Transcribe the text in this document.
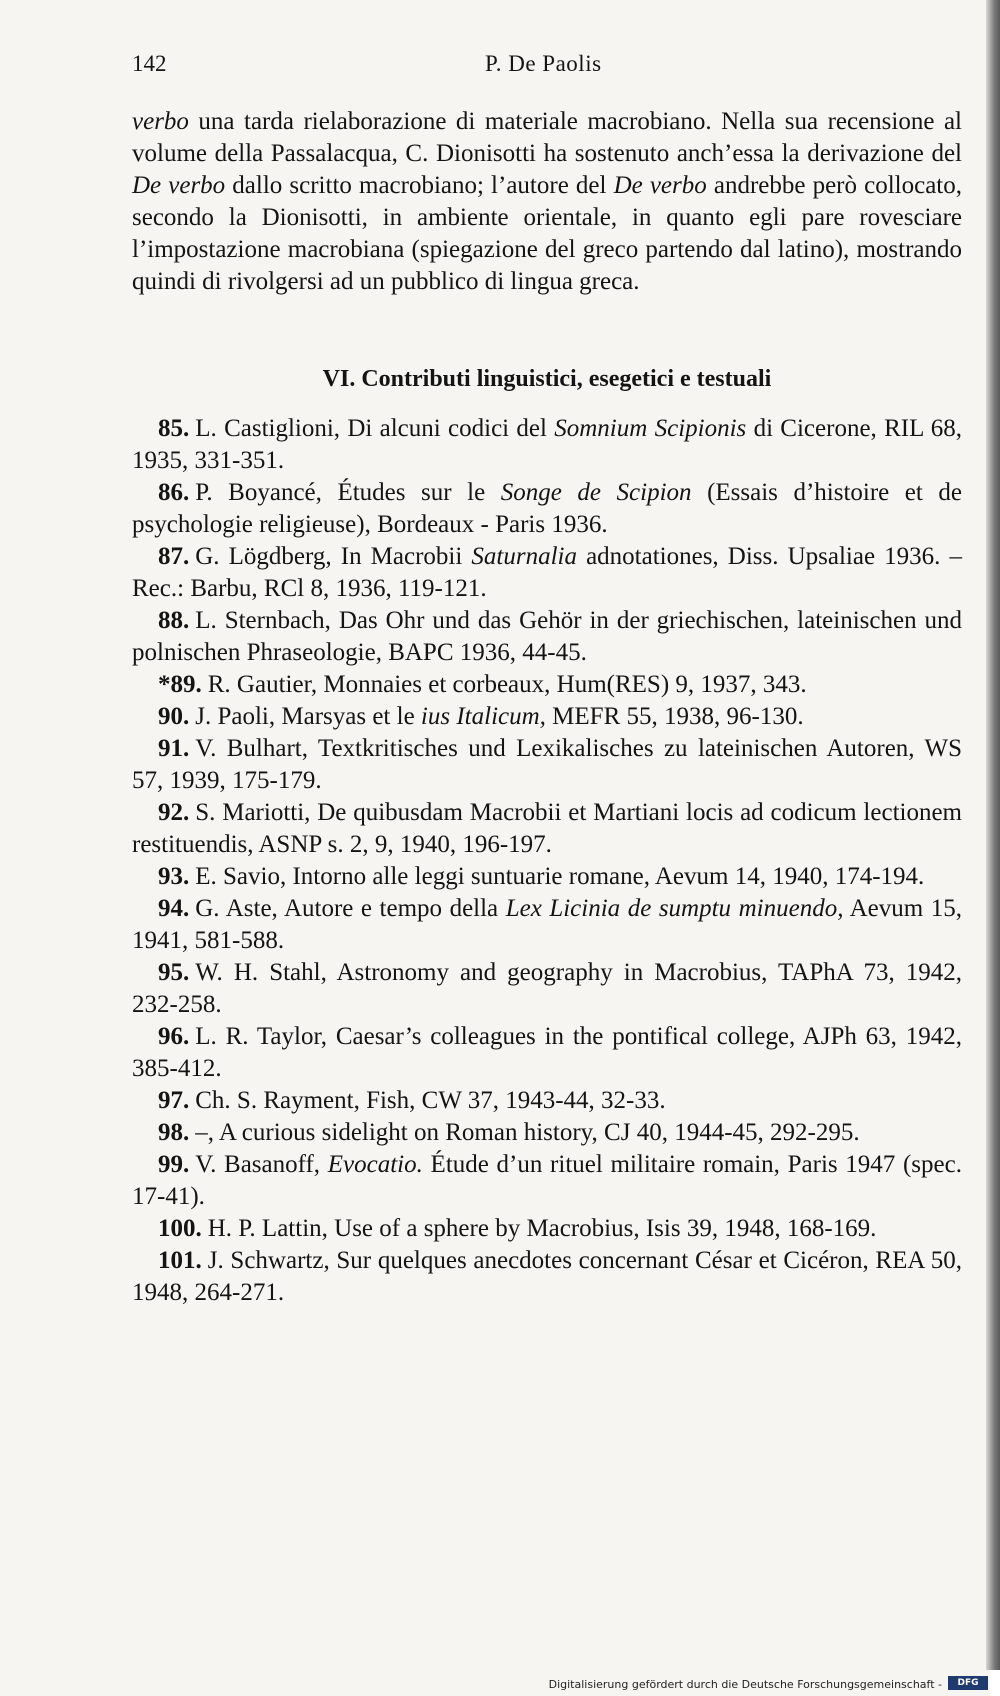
142	P. De Paolis

verbo una tarda rielaborazione di materiale macrobiano. Nella sua recensione al volume della Passalacqua, C. Dionisotti ha sostenuto anch’essa la derivazione del De verbo dallo scritto macrobiano; l’autore del De verbo andrebbe però collocato, secondo la Dionisotti, in ambiente orientale, in quanto egli pare rovesciare l’impostazione macrobiana (spiegazione del greco partendo dal latino), mostrando quindi di rivolgersi ad un pubblico di lingua greca.

VI. Contributi linguistici, esegetici e testuali

85. L. Castiglioni, Di alcuni codici del Somnium Scipionis di Cicerone, RIL 68, 1935, 331-351.

86. P. Boyancé, Études sur le Songe de Scipion (Essais d’histoire et de psychologie religieuse), Bordeaux - Paris 1936.

87. G. Lögdberg, In Macrobii Saturnalia adnotationes, Diss. Upsaliae 1936. – Rec.: Barbu, RCl 8, 1936, 119-121.

88. L. Sternbach, Das Ohr und das Gehör in der griechischen, lateinischen und polnischen Phraseologie, BAPC 1936, 44-45.

*89. R. Gautier, Monnaies et corbeaux, Hum(RES) 9, 1937, 343.

90. J. Paoli, Marsyas et le ius Italicum, MEFR 55, 1938, 96-130.

91. V. Bulhart, Textkritisches und Lexikalisches zu lateinischen Autoren, WS 57, 1939, 175-179.

92. S. Mariotti, De quibusdam Macrobii et Martiani locis ad codicum lectionem restituendis, ASNP s. 2, 9, 1940, 196-197.

93. E. Savio, Intorno alle leggi suntuarie romane, Aevum 14, 1940, 174-194.

94. G. Aste, Autore e tempo della Lex Licinia de sumptu minuendo, Aevum 15, 1941, 581-588.

95. W. H. Stahl, Astronomy and geography in Macrobius, TAPhA 73, 1942, 232-258.

96. L. R. Taylor, Caesar’s colleagues in the pontifical college, AJPh 63, 1942, 385-412.

97. Ch. S. Rayment, Fish, CW 37, 1943-44, 32-33.

98. –, A curious sidelight on Roman history, CJ 40, 1944-45, 292-295.

99. V. Basanoff, Evocatio. Étude d’un rituel militaire romain, Paris 1947 (spec. 17-41).

100. H. P. Lattin, Use of a sphere by Macrobius, Isis 39, 1948, 168-169.

101. J. Schwartz, Sur quelques anecdotes concernant César et Cicéron, REA 50, 1948, 264-271.

Digitalisierung gefördert durch die Deutsche Forschungsgemeinschaft -	DFG
